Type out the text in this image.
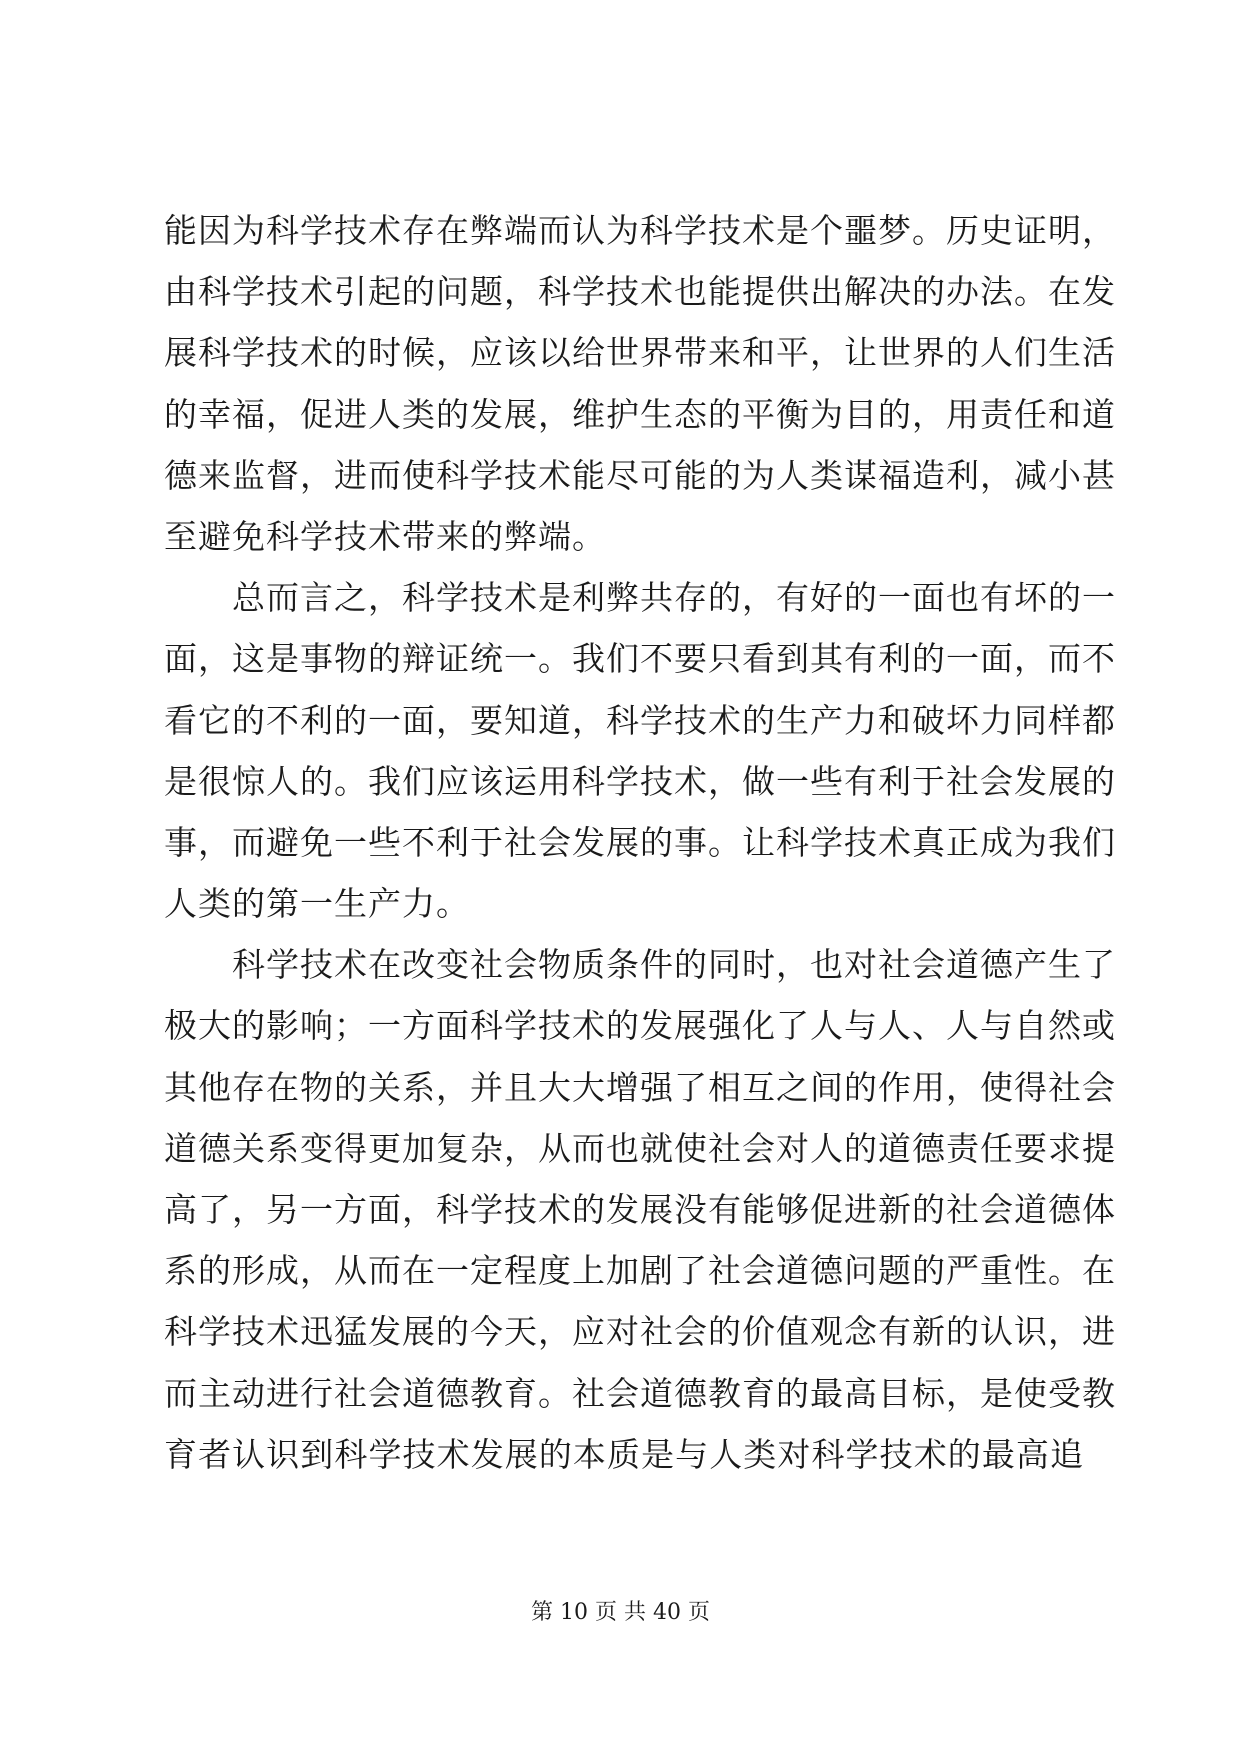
能因为科学技术存在弊端而认为科学技术是个噩梦。历史证明，
由科学技术引起的问题，科学技术也能提供出解决的办法。在发
展科学技术的时候，应该以给世界带来和平，让世界的人们生活
的幸福，促进人类的发展，维护生态的平衡为目的，用责任和道
德来监督，进而使科学技术能尽可能的为人类谋福造利，减小甚
至避免科学技术带来的弊端。
总而言之，科学技术是利弊共存的，有好的一面也有坏的一
面，这是事物的辩证统一。我们不要只看到其有利的一面，而不
看它的不利的一面，要知道，科学技术的生产力和破坏力同样都
是很惊人的。我们应该运用科学技术，做一些有利于社会发展的
事，而避免一些不利于社会发展的事。让科学技术真正成为我们
人类的第一生产力。
科学技术在改变社会物质条件的同时，也对社会道德产生了
极大的影响；一方面科学技术的发展强化了人与人、人与自然或
其他存在物的关系，并且大大增强了相互之间的作用，使得社会
道德关系变得更加复杂，从而也就使社会对人的道德责任要求提
高了，另一方面，科学技术的发展没有能够促进新的社会道德体
系的形成，从而在一定程度上加剧了社会道德问题的严重性。在
科学技术迅猛发展的今天，应对社会的价值观念有新的认识，进
而主动进行社会道德教育。社会道德教育的最高目标，是使受教
育者认识到科学技术发展的本质是与人类对科学技术的最高追
第 10 页 共 40 页
